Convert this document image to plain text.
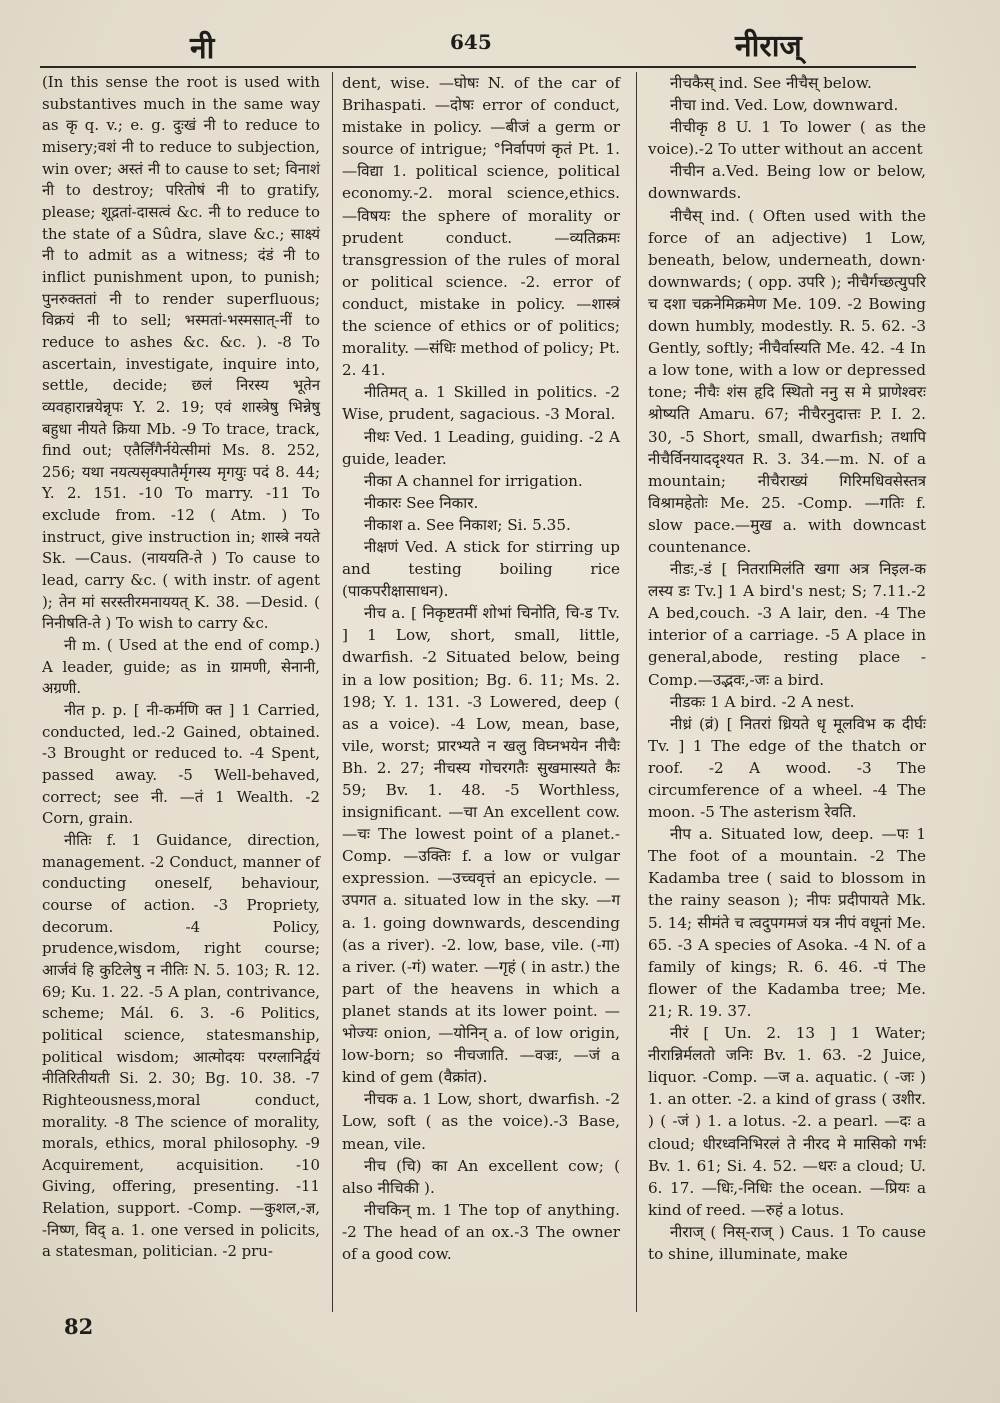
नी	645	नीराज्

(In this sense the root is used with substantives much in the same way as कृ q. v.; e. g. दुःखं नी to reduce to misery;वशं नी to reduce to subjection, win over; अस्तं नी to cause to set; विनाशं नी to destroy; परितोषं नी to gratify, please; शूद्रतां-दासत्वं &c. नी to reduce to the state of a Sûdra, slave &c.; साक्ष्यं नी to admit as a witness; दंडं नी to inflict punishment upon, to punish; पुनरुक्ततां नी to render superfluous; विक्रयं नी to sell; भस्मतां-भस्मसात्-नीं to reduce to ashes &c. &c. ). -8 To ascertain, investigate, inquire into, settle, decide; छलं निरस्य भूतेन व्यवहारान्नयेन्नृपः Y. 2. 19; एवं शास्त्रेषु भिन्नेषु बहुधा नीयते क्रिया Mb. -9 To trace, track, find out; एतैर्लिंगैर्नयेत्सीमां Ms. 8. 252, 256; यथा नयत्यसृक्पातैर्मृगस्य मृगयुः पदं 8. 44; Y. 2. 151. -10 To marry. -11 To exclude from. -12 ( Atm. ) To instruct, give instruction in; शास्त्रे नयते Sk. —Caus. (नाययति-ते ) To cause to lead, carry &c. ( with instr. of agent ); तेन मां सरस्तीरमनाययत् K. 38. —Desid. ( निनीषति-ते ) To wish to carry &c.

नी m. ( Used at the end of comp.) A leader, guide; as in ग्रामणी, सेनानी, अग्रणी.

नीत p. p. [ नी-कर्मणि क्त ] 1 Carried, conducted, led.-2 Gained, obtained. -3 Brought or reduced to. -4 Spent, passed away. -5 Well-behaved, correct; see नी. —तं 1 Wealth. -2 Corn, grain.

नीतिः f. 1 Guidance, direction, management. -2 Conduct, manner of conducting oneself, behaviour, course of action. -3 Propriety, decorum. -4 Policy, prudence,wisdom, right course; आर्जवं हि कुटिलेषु न नीतिः N. 5. 103; R. 12. 69; Ku. 1. 22. -5 A plan, contrivance, scheme; Mál. 6. 3. -6 Politics, political science, statesmanship, political wisdom; आत्मोदयः परग्लानिर्द्वयं नीतिरितीयती Si. 2. 30; Bg. 10. 38. -7 Righteousness,moral conduct, morality. -8 The science of morality, morals, ethics, moral philosophy. -9 Acquirement, acquisition. -10 Giving, offering, presenting. -11 Relation, support. -Comp. —कुशल,-ज्ञ, -निष्ण, विद् a. 1. one versed in policits, a statesman, politician. -2 pru-

dent, wise. —घोषः N. of the car of Brihaspati. —दोषः error of conduct, mistake in policy. —बीजं a germ or source of intrigue; °निर्वापणं कृतं Pt. 1. —विद्या 1. political science, political economy.-2. moral science,ethics. —विषयः the sphere of morality or prudent conduct. —व्यतिक्रमः transgression of the rules of moral or political science. -2. error of conduct, mistake in policy. —शास्त्रं the science of ethics or of politics; morality. —संधिः method of policy; Pt. 2. 41.

नीतिमत् a. 1 Skilled in politics. -2 Wise, prudent, sagacious. -3 Moral.

नीथः Ved. 1 Leading, guiding. -2 A guide, leader.

नीका A channel for irrigation.

नीकारः See निकार.

नीकाश a. See निकाश; Si. 5.35.

नीक्षणं Ved. A stick for stirring up and testing boiling rice (पाकपरीक्षासाधन).

नीच a. [ निकृष्टतमीं शोभां चिनोति, चि-ड Tv. ] 1 Low, short, small, little, dwarfish. -2 Situated below, being in a low position; Bg. 6. 11; Ms. 2. 198; Y. 1. 131. -3 Lowered, deep ( as a voice). -4 Low, mean, base, vile, worst; प्रारभ्यते न खलु विघ्नभयेन नीचैः Bh. 2. 27; नीचस्य गोचरगतैः सुखमास्यते कैः 59; Bv. 1. 48. -5 Worthless, insignificant. —चा An excellent cow. —चः The lowest point of a planet.-Comp. —उक्तिः f. a low or vulgar expression. —उच्चवृत्तं an epicycle. —उपगत a. situated low in the sky. —ग a. 1. going downwards, descending (as a river). -2. low, base, vile. (-गा) a river. (-गं) water. —गृहं ( in astr.) the part of the heavens in which a planet stands at its lower point. —भोज्यः onion, —योनिन् a. of low origin, low-born; so नीचजाति. —वज्रः, —जं a kind of gem (वैक्रांत).

नीचक a. 1 Low, short, dwarfish. -2 Low, soft ( as the voice).-3 Base, mean, vile.

नीच (चि) का An excellent cow; ( also नीचिकी ).

नीचकिन् m. 1 The top of anything. -2 The head of an ox.-3 The owner of a good cow.

नीचकैस् ind. See नीचैस् below.

नीचा ind. Ved. Low, downward.

नीचीकृ 8 U. 1 To lower ( as the voice).-2 To utter without an accent

नीचीन a.Ved. Being low or below, downwards.

नीचैस् ind. ( Often used with the force of an adjective) 1 Low, beneath, below, underneath, down· downwards; ( opp. उपरि ); नीचैर्गच्छत्युपरि च दशा चक्रनेमिक्रमेण Me. 109. -2 Bowing down humbly, modestly. R. 5. 62. -3 Gently, softly; नीचैर्वास्यति Me. 42. -4 In a low tone, with a low or depressed tone; नीचैः शंस हृदि स्थितो ननु स मे प्राणेश्वरः श्रोष्यति Amaru. 67; नीचैरनुदात्तः P. I. 2. 30, -5 Short, small, dwarfish; तथापि नीचैर्विनयाददृश्यत R. 3. 34.—m. N. of a mountain; नीचैराख्यं गिरिमधिवसेस्तत्र विश्रामहेतोः Me. 25. -Comp. —गतिः f. slow pace.—मुख a. with downcast countenance.

नीडः,-डं [ नितरामिलंति खगा अत्र निइल-क लस्य डः Tv.] 1 A bird's nest; S; 7.11.-2 A bed,couch. -3 A lair, den. -4 The interior of a carriage. -5 A place in general,abode, resting place -Comp.—उद्भवः,-जः a bird.

नीडकः 1 A bird. -2 A nest.

नीध्रं (व्रं) [ नितरां ध्रियते धृ मूलविभ क दीर्घः Tv. ] 1 The edge of the thatch or roof. -2 A wood. -3 The circumference of a wheel. -4 The moon. -5 The asterism रेवति.

नीप a. Situated low, deep. —पः 1 The foot of a mountain. -2 The Kadamba tree ( said to blossom in the rainy season ); नीपः प्रदीपायते Mk. 5. 14; सीमंते च त्वदुपगमजं यत्र नीपं वधूनां Me. 65. -3 A species of Asoka. -4 N. of a family of kings; R. 6. 46. -पं The flower of the Kadamba tree; Me. 21; R. 19. 37.

नीरं [ Un. 2. 13 ] 1 Water; नीरान्निर्मलतो जनिः Bv. 1. 63. -2 Juice, liquor. -Comp. —ज a. aquatic. ( -जः ) 1. an otter. -2. a kind of grass ( उशीर. ) ( -जं ) 1. a lotus. -2. a pearl. —दः a cloud; धीरध्वनिभिरलं ते नीरद मे मासिको गर्भः Bv. 1. 61; Si. 4. 52. —धरः a cloud; U. 6. 17. —धिः,-निधिः the ocean. —प्रियः a kind of reed. —रुहं a lotus.

नीराज् ( निस्-राज् ) Caus. 1 To cause to shine, illuminate, make

82
